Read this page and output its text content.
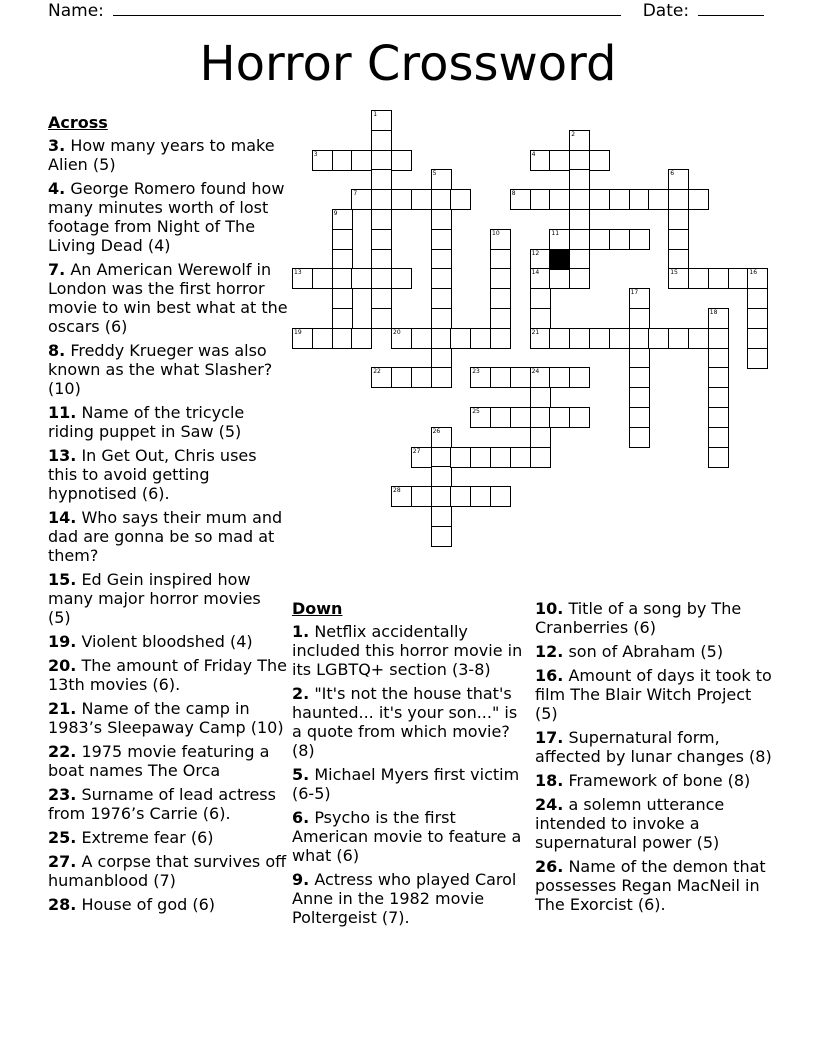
Name:	Date:
Horror Crossword
1
2
3	4
5	6
15
7	8
9
10	11
12
14
21
13	16
17
18
19	20
22	23	24
25
26
27
28
Across
3. How many years to make Alien (5)
4. George Romero found how many minutes worth of lost footage from Night of The Living Dead (4)
7. An American Werewolf in London was the first horror movie to win best what at the oscars (6)
8. Freddy Krueger was also known as the what Slasher? (10)
11. Name of the tricycle riding puppet in Saw (5)
13. In Get Out, Chris uses this to avoid getting hypnotised (6).
14. Who says their mum and dad are gonna be so mad at them?
15. Ed Gein inspired how many major horror movies (5)
19. Violent bloodshed (4)
20. The amount of Friday The 13th movies (6).
21. Name of the camp in 1983’s Sleepaway Camp (10)
22. 1975 movie featuring a boat names The Orca
23. Surname of lead actress from 1976’s Carrie (6).
25. Extreme fear (6)
27. A corpse that survives off humanblood (7)
28. House of god (6)
Down
1. Netflix accidentally included this horror movie in its LGBTQ+ section (3-8)
2. "It's not the house that's haunted... it's your son..." is a quote from which movie? (8)
5. Michael Myers first victim (6-5)
6. Psycho is the first American movie to feature a what (6)
9. Actress who played Carol Anne in the 1982 movie Poltergeist (7).
10. Title of a song by The Cranberries (6)
12. son of Abraham (5)
16. Amount of days it took to film The Blair Witch Project (5)
17. Supernatural form, affected by lunar changes (8)
18. Framework of bone (8)
24. a solemn utterance intended to invoke a supernatural power (5)
26. Name of the demon that possesses Regan MacNeil in The Exorcist (6).
